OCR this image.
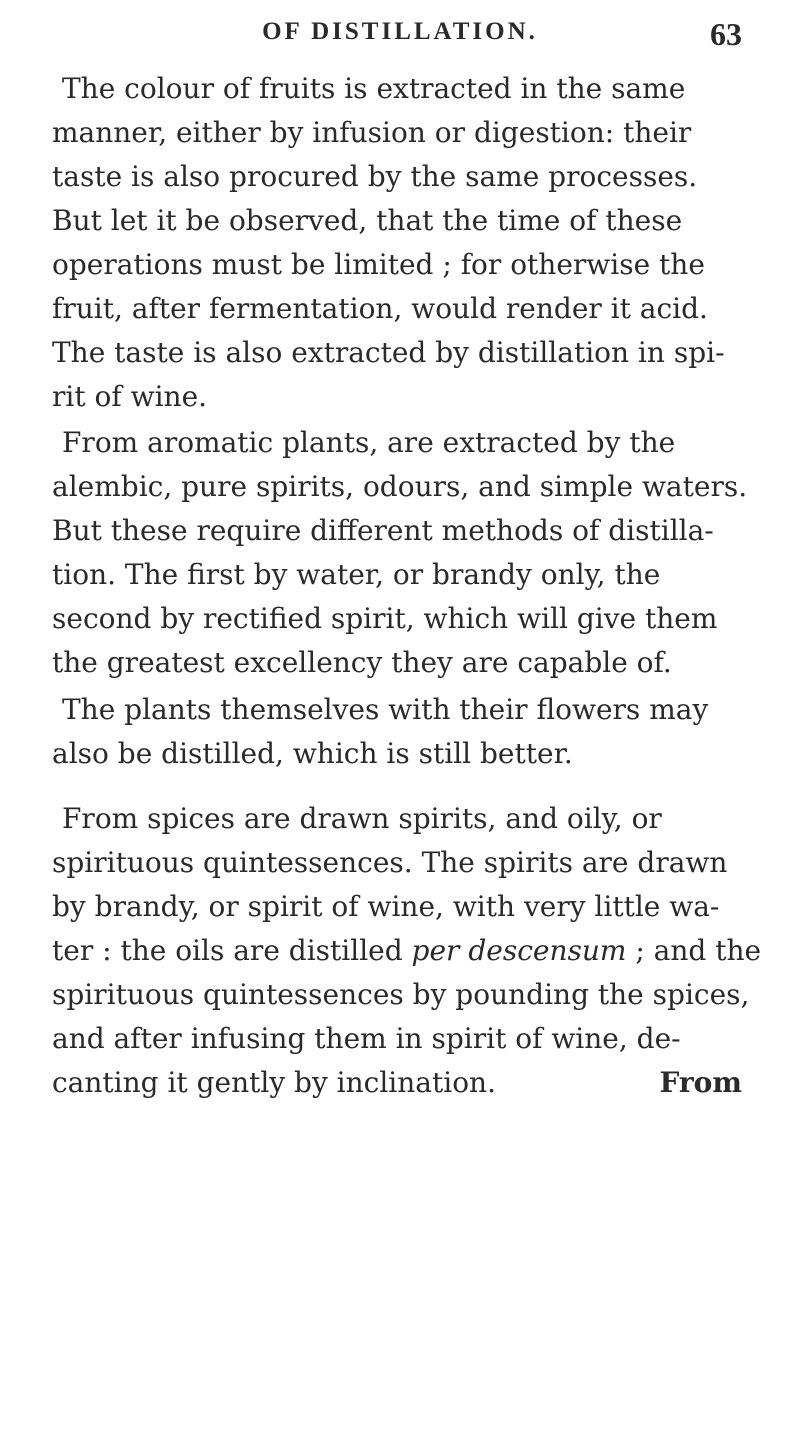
OF DISTILLATION.	63
The colour of fruits is extracted in the same
manner, either by infusion or digestion: their
taste is also procured by the same processes.
But let it be observed, that the time of these
operations must be limited ; for otherwise the
fruit, after fermentation, would render it acid.
The taste is also extracted by distillation in spi-
rit of wine.
From aromatic plants, are extracted by the
alembic, pure spirits, odours, and simple waters.
But these require different methods of distilla-
tion. The first by water, or brandy only, the
second by rectified spirit, which will give them
the greatest excellency they are capable of.
The plants themselves with their flowers may
also be distilled, which is still better.
From spices are drawn spirits, and oily, or
spirituous quintessences. The spirits are drawn
by brandy, or spirit of wine, with very little wa-
ter : the oils are distilled per descensum ; and the
spirituous quintessences by pounding the spices,
and after infusing them in spirit of wine, de-
canting it gently by inclination.	From
